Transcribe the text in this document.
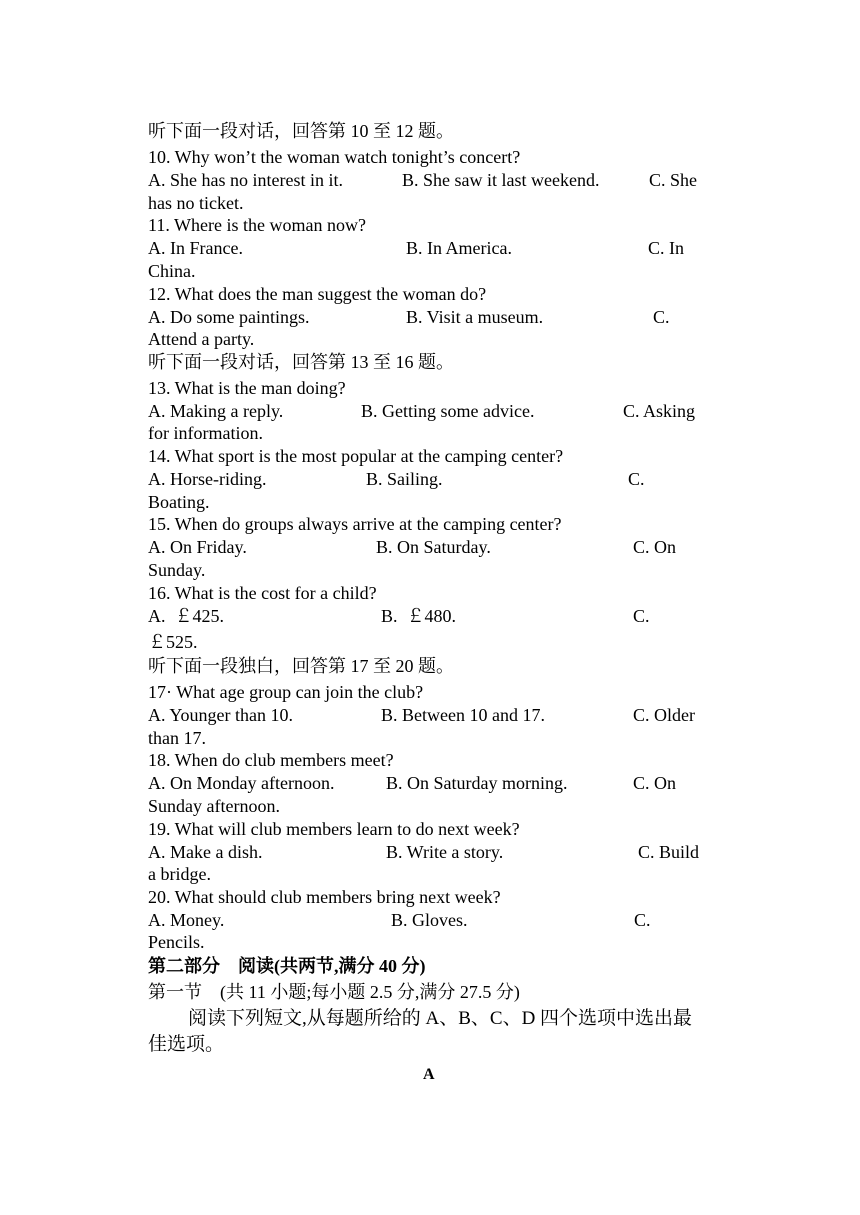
听下面一段对话，回答第 10 至 12 题。
10. Why won’t the woman watch tonight’s concert?
A. She has no interest in it.	B. She saw it last weekend.	C. She
has no ticket.
11. Where is the woman now?
A. In France.	B. In America.	C. In
China.
12. What does the man suggest the woman do?
A. Do some paintings.	B. Visit a museum.	C.
Attend a party.
听下面一段对话，回答第 13 至 16 题。
13. What is the man doing?
A. Making a reply.	B. Getting some advice.	C. Asking
for information.
14. What sport is the most popular at the camping center?
A. Horse-riding.	B. Sailing.	C.
Boating.
15. When do groups always arrive at the camping center?
A. On Friday.	B. On Saturday.	C. On
Sunday.
16. What is the cost for a child?
A.  ￡425.	B.  ￡480.	C.
￡525.
听下面一段独白，回答第 17 至 20 题。
17· What age group can join the club?
A. Younger than 10.	B. Between 10 and 17.	C. Older
than 17.
18. When do club members meet?
A. On Monday afternoon.	B. On Saturday morning.	C. On
Sunday afternoon.
19. What will club members learn to do next week?
A. Make a dish.	B. Write a story.	C. Build
a bridge.
20. What should club members bring next week?
A. Money.	B. Gloves.	C.
Pencils.
第二部分    阅读(共两节,满分 40 分)
第一节    (共 11 小题;每小题 2.5 分,满分 27.5 分)
阅读下列短文,从每题所给的 A、B、C、D 四个选项中选出最
佳选项。
A
